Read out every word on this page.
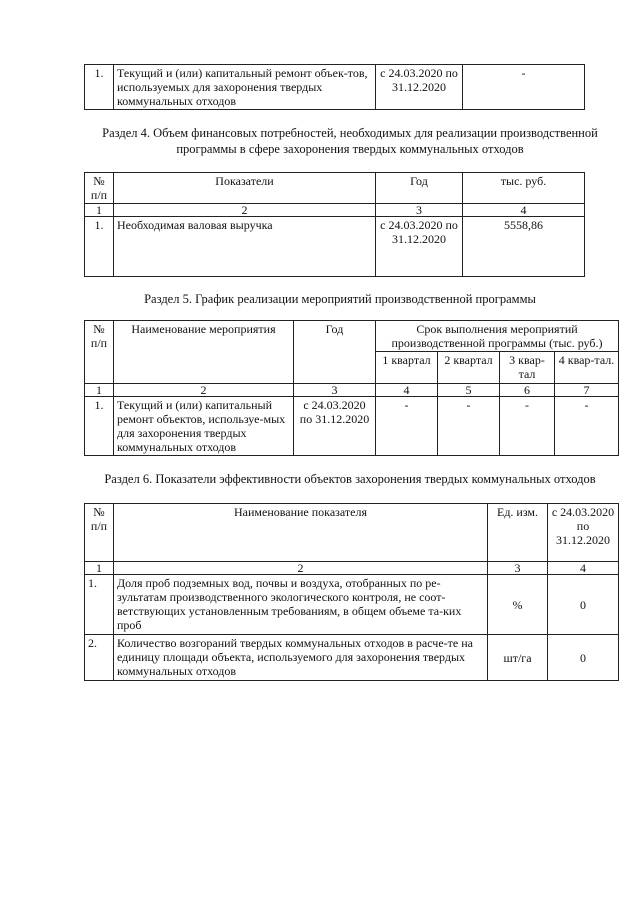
1.	Текущий и (или) капитальный ремонт объек-тов, используемых для захоронения твердых коммунальных отходов	с 24.03.2020 по 31.12.2020	-
Раздел 4. Объем финансовых потребностей, необходимых для реализации производственной программы в сфере захоронения твердых коммунальных отходов
№ п/п	Показатели	Год	тыс. руб.
1	2	3	4
1.	Необходимая валовая выручка	с 24.03.2020 по 31.12.2020	5558,86
Раздел 5. График реализации мероприятий производственной программы
№ п/п	Наименование мероприятия	Год	Срок выполнения мероприятий производственной программы (тыс. руб.)			
			1 квартал	2 квартал	3 квар-тал	4 квар-тал.
1	2	3	4	5	6	7
1.	Текущий и (или) капитальный ремонт объектов, используе-мых для захоронения твердых коммунальных отходов	с 24.03.2020 по 31.12.2020	-	-	-	-
Раздел 6. Показатели эффективности объектов захоронения твердых коммунальных отходов
№ п/п	Наименование показателя	Ед. изм.	с 24.03.2020 по 31.12.2020
1	2	3	4
1.	Доля проб подземных вод, почвы и воздуха, отобранных по ре-зультатам производственного экологического контроля, не соот-ветствующих установленным требованиям, в общем объеме та-ких проб	%	0
2.	Количество возгораний твердых коммунальных отходов в расче-те на единицу площади объекта, используемого для захоронения твердых коммунальных отходов	шт/га	0
